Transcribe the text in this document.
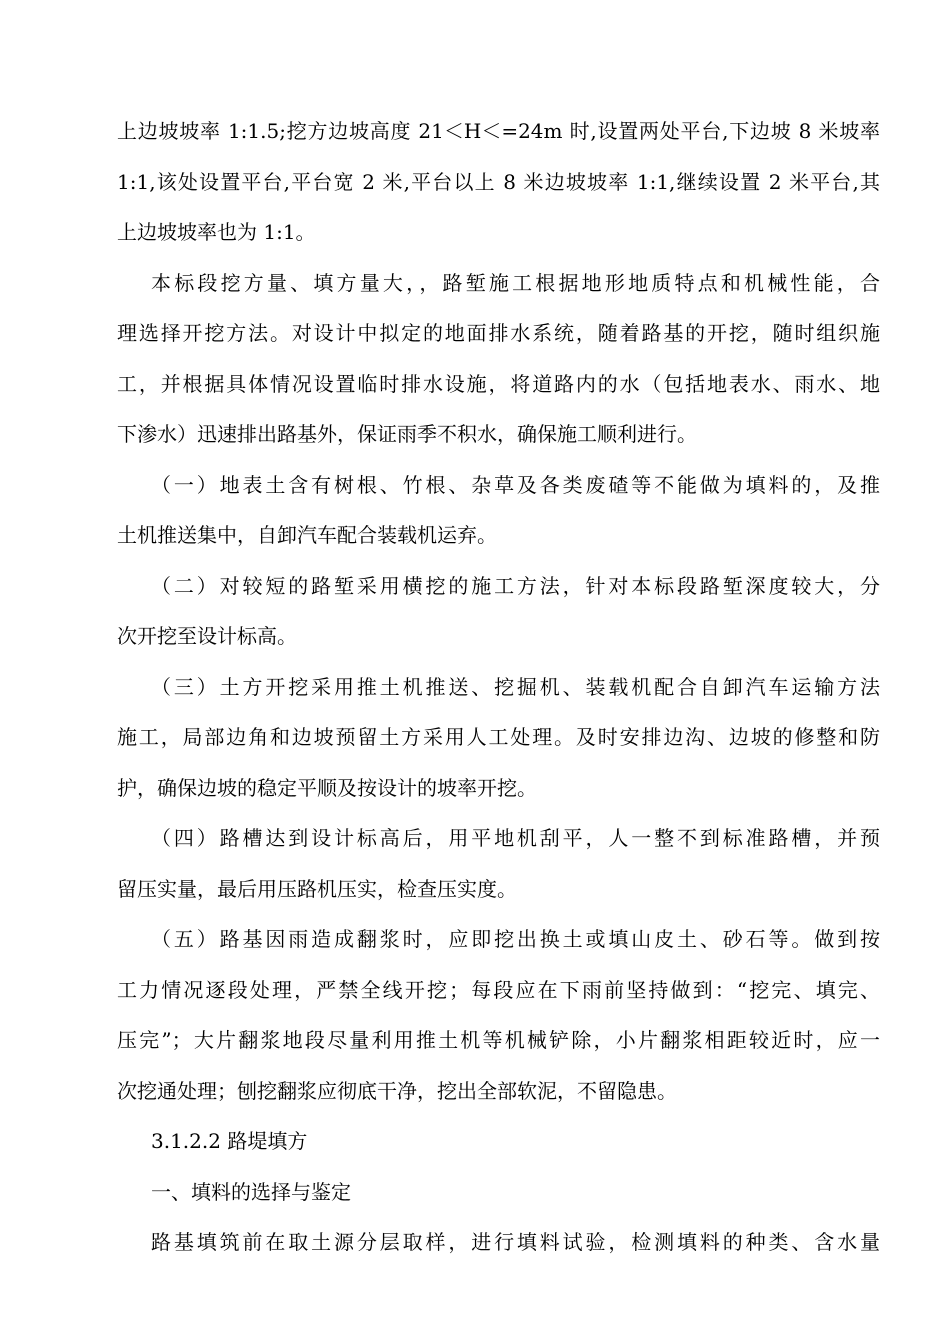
上边坡坡率 1:1.5;挖方边坡高度 21＜H＜=24m 时,设置两处平台,下边坡 8 米坡率
1:1,该处设置平台,平台宽 2 米,平台以上 8 米边坡坡率 1:1,继续设置 2 米平台,其
上边坡坡率也为 1:1。
本标段挖方量、填方量大，，路堑施工根据地形地质特点和机械性能，合
理选择开挖方法。对设计中拟定的地面排水系统，随着路基的开挖，随时组织施
工，并根据具体情况设置临时排水设施，将道路内的水（包括地表水、雨水、地
下渗水）迅速排出路基外，保证雨季不积水，确保施工顺利进行。
（一）地表土含有树根、竹根、杂草及各类废碴等不能做为填料的，及推
土机推送集中，自卸汽车配合装载机运弃。
（二）对较短的路堑采用横挖的施工方法，针对本标段路堑深度较大，分
次开挖至设计标高。
（三）土方开挖采用推土机推送、挖掘机、装载机配合自卸汽车运输方法
施工，局部边角和边坡预留土方采用人工处理。及时安排边沟、边坡的修整和防
护，确保边坡的稳定平顺及按设计的坡率开挖。
（四）路槽达到设计标高后，用平地机刮平，人一整不到标准路槽，并预
留压实量，最后用压路机压实，检查压实度。
（五）路基因雨造成翻浆时，应即挖出换土或填山皮土、砂石等。做到按
工力情况逐段处理，严禁全线开挖；每段应在下雨前坚持做到：“挖完、填完、
压完”；大片翻浆地段尽量利用推土机等机械铲除，小片翻浆相距较近时，应一
次挖通处理；刨挖翻浆应彻底干净，挖出全部软泥，不留隐患。
3.1.2.2 路堤填方
一、填料的选择与鉴定
路基填筑前在取土源分层取样，进行填料试验，检测填料的种类、含水量
